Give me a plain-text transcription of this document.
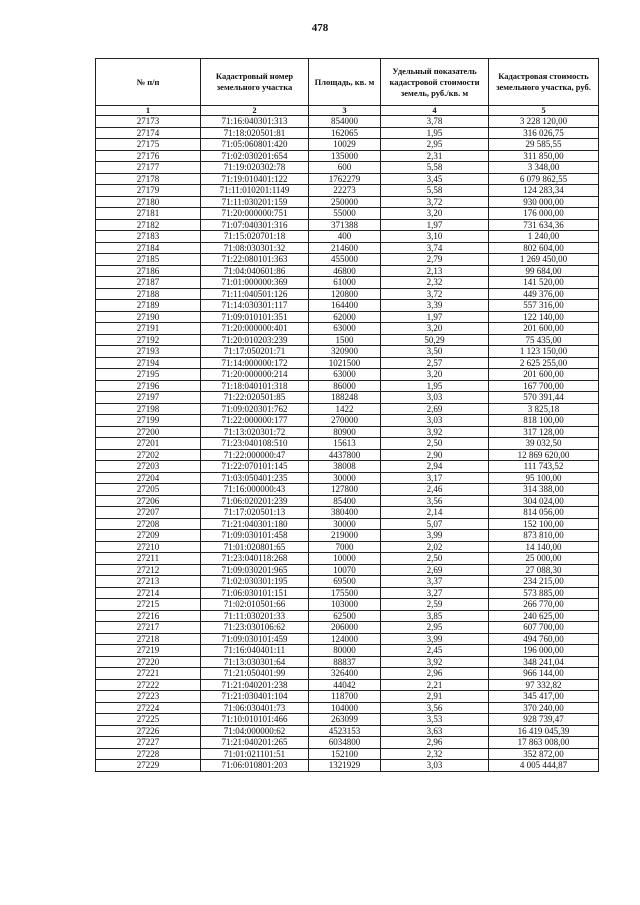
478
№ п/п	Кадастровый номер земельного участка	Площадь, кв. м	Удельный показатель кадастровой стоимости земель, руб./кв. м	Кадастровая стоимость земельного участка, руб.
1	2	3	4	5
27173	71:16:040301:313	854000	3,78	3 228 120,00
27174	71:18:020501:81	162065	1,95	316 026,75
27175	71:05:060801:420	10029	2,95	29 585,55
27176	71:02:030201:654	135000	2,31	311 850,00
27177	71:19:020302:78	600	5,58	3 348,00
27178	71:19:010401:122	1762279	3,45	6 079 862,55
27179	71:11:010201:1149	22273	5,58	124 283,34
27180	71:11:030201:159	250000	3,72	930 000,00
27181	71:20:000000:751	55000	3,20	176 000,00
27182	71:07:040301:316	371388	1,97	731 634,36
27183	71:15:020701:18	400	3,10	1 240,00
27184	71:08:030301:32	214600	3,74	802 604,00
27185	71:22:080101:363	455000	2,79	1 269 450,00
27186	71:04:040601:86	46800	2,13	99 684,00
27187	71:01:000000:369	61000	2,32	141 520,00
27188	71:11:040501:126	120800	3,72	449 376,00
27189	71:14:030301:117	164400	3,39	557 316,00
27190	71:09:010101:351	62000	1,97	122 140,00
27191	71:20:000000:401	63000	3,20	201 600,00
27192	71:20:010203:239	1500	50,29	75 435,00
27193	71:17:050201:71	320900	3,50	1 123 150,00
27194	71:14:000000:172	1021500	2,57	2 625 255,00
27195	71:20:000000:214	63000	3,20	201 600,00
27196	71:18:040101:318	86000	1,95	167 700,00
27197	71:22:020501:85	188248	3,03	570 391,44
27198	71:09:020301:762	1422	2,69	3 825,18
27199	71:22:000000:177	270000	3,03	818 100,00
27200	71:13:020301:72	80900	3,92	317 128,00
27201	71:23:040108:510	15613	2,50	39 032,50
27202	71:22:000000:47	4437800	2,90	12 869 620,00
27203	71:22:070101:145	38008	2,94	111 743,52
27204	71:03:050401:235	30000	3,17	95 100,00
27205	71:16:000000:43	127800	2,46	314 388,00
27206	71:06:020201:239	85400	3,56	304 024,00
27207	71:17:020501:13	380400	2,14	814 056,00
27208	71:21:040301:180	30000	5,07	152 100,00
27209	71:09:030101:458	219000	3,99	873 810,00
27210	71:01:020801:65	7000	2,02	14 140,00
27211	71:23:040118:268	10000	2,50	25 000,00
27212	71:09:030201:965	10070	2,69	27 088,30
27213	71:02:030301:195	69500	3,37	234 215,00
27214	71:06:030101:151	175500	3,27	573 885,00
27215	71:02:010501:66	103000	2,59	266 770,00
27216	71:11:030201:33	62500	3,85	240 625,00
27217	71:23:030106:62	206000	2,95	607 700,00
27218	71:09:030101:459	124000	3,99	494 760,00
27219	71:16:040401:11	80000	2,45	196 000,00
27220	71:13:030301:64	88837	3,92	348 241,04
27221	71:21:050401:99	326400	2,96	966 144,00
27222	71:21:040201:238	44042	2,21	97 332,82
27223	71:21:030401:104	118700	2,91	345 417,00
27224	71:06:030401:73	104000	3,56	370 240,00
27225	71:10:010101:466	263099	3,53	928 739,47
27226	71:04:000000:62	4523153	3,63	16 419 045,39
27227	71:21:040201:265	6034800	2,96	17 863 008,00
27228	71:01:021101:51	152100	2,32	352 872,00
27229	71:06:010801:203	1321929	3,03	4 005 444,87
